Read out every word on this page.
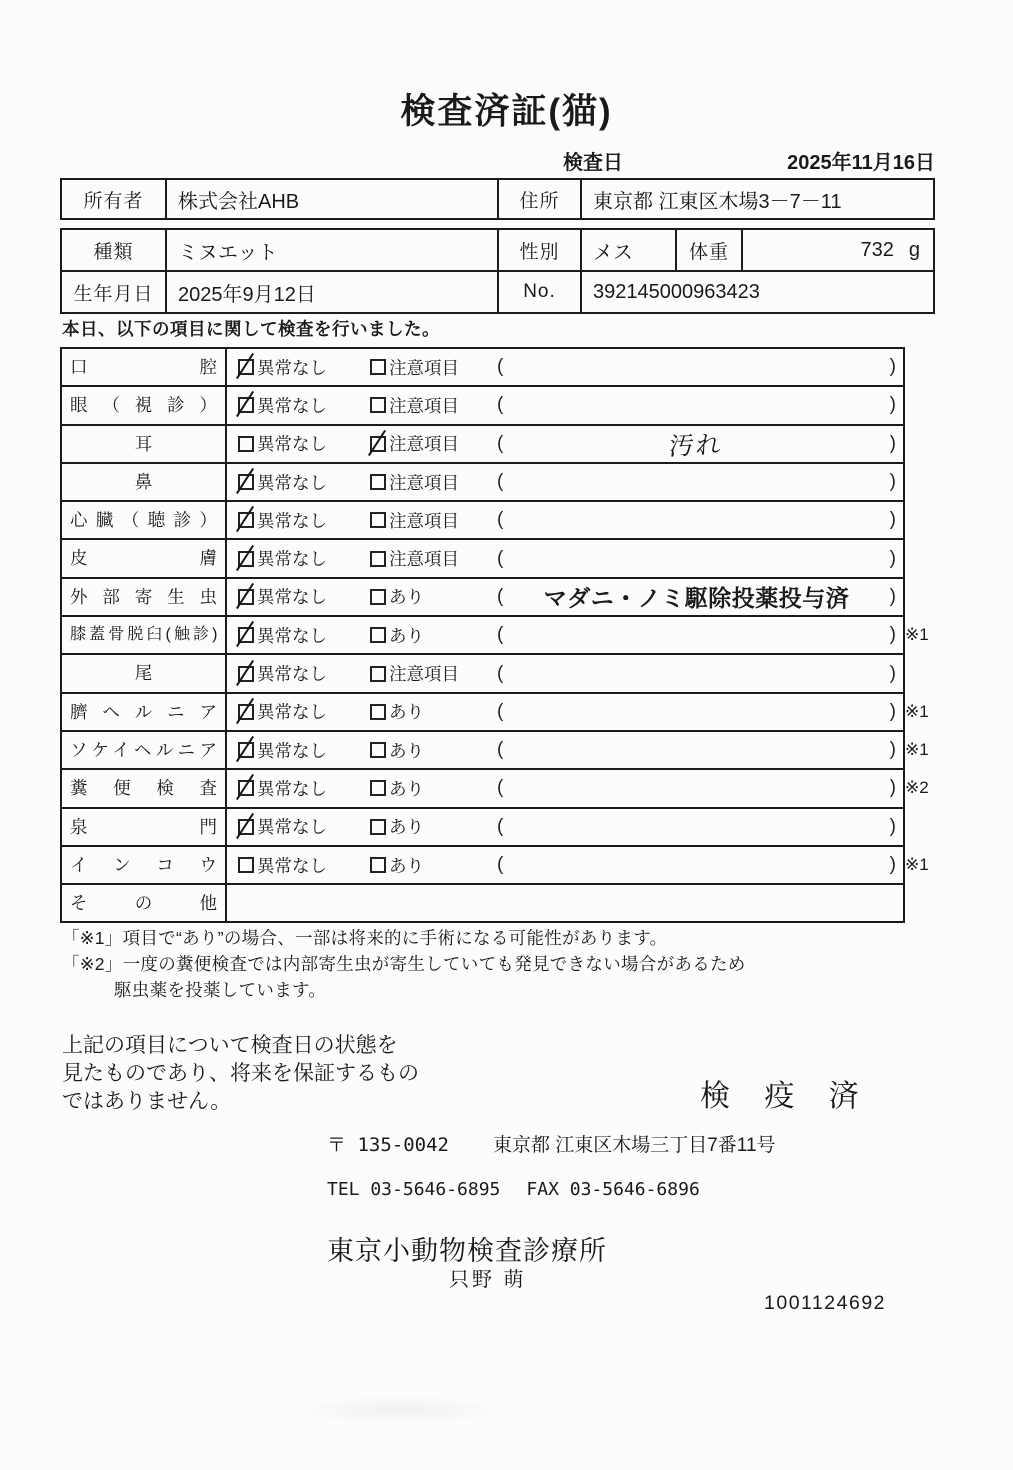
検査済証(猫)
検査日	2025年11月16日
所有者	株式会社AHB	住所	東京都 江東区木場3－7－11
種類	ミヌエット	性別	メス	体重	732 g
生年月日	2025年9月12日	No.	392145000963423
本日、以下の項目に関して検査を行いました。
口腔	異常なし	注意項目 (	)
眼（視診）	異常なし	注意項目 (	)
耳	異常なし	注意項目 (	汚れ	)
鼻	異常なし	注意項目 (	)
心臓（聴診）	異常なし	注意項目 (	)
皮膚	異常なし	注意項目 (	)
外部寄生虫	異常なし	あり	(	マダニ・ノミ駆除投薬投与済	)
膝蓋骨脱臼(触診)	異常なし	あり	(	) ※1
尾	異常なし	注意項目 (	)
臍ヘルニア	異常なし	あり	(	) ※1
ソケイヘルニア	異常なし	あり	(	) ※1
糞便検査	異常なし	あり	(	) ※2
泉門	異常なし	あり	(	)
インコウ	異常なし	あり	(	) ※1
その他
「※1」項目で“あり”の場合、一部は将来的に手術になる可能性があります。
「※2」一度の糞便検査では内部寄生虫が寄生していても発見できない場合があるため
駆虫薬を投薬しています。
上記の項目について検査日の状態を
見たものであり、将来を保証するもの
ではありません。	検 疫 済
〒 135-0042 東京都 江東区木場三丁目7番11号
TEL 03-5646-6895 FAX 03-5646-6896
東京小動物検査診療所
只野 萌
1001124692
